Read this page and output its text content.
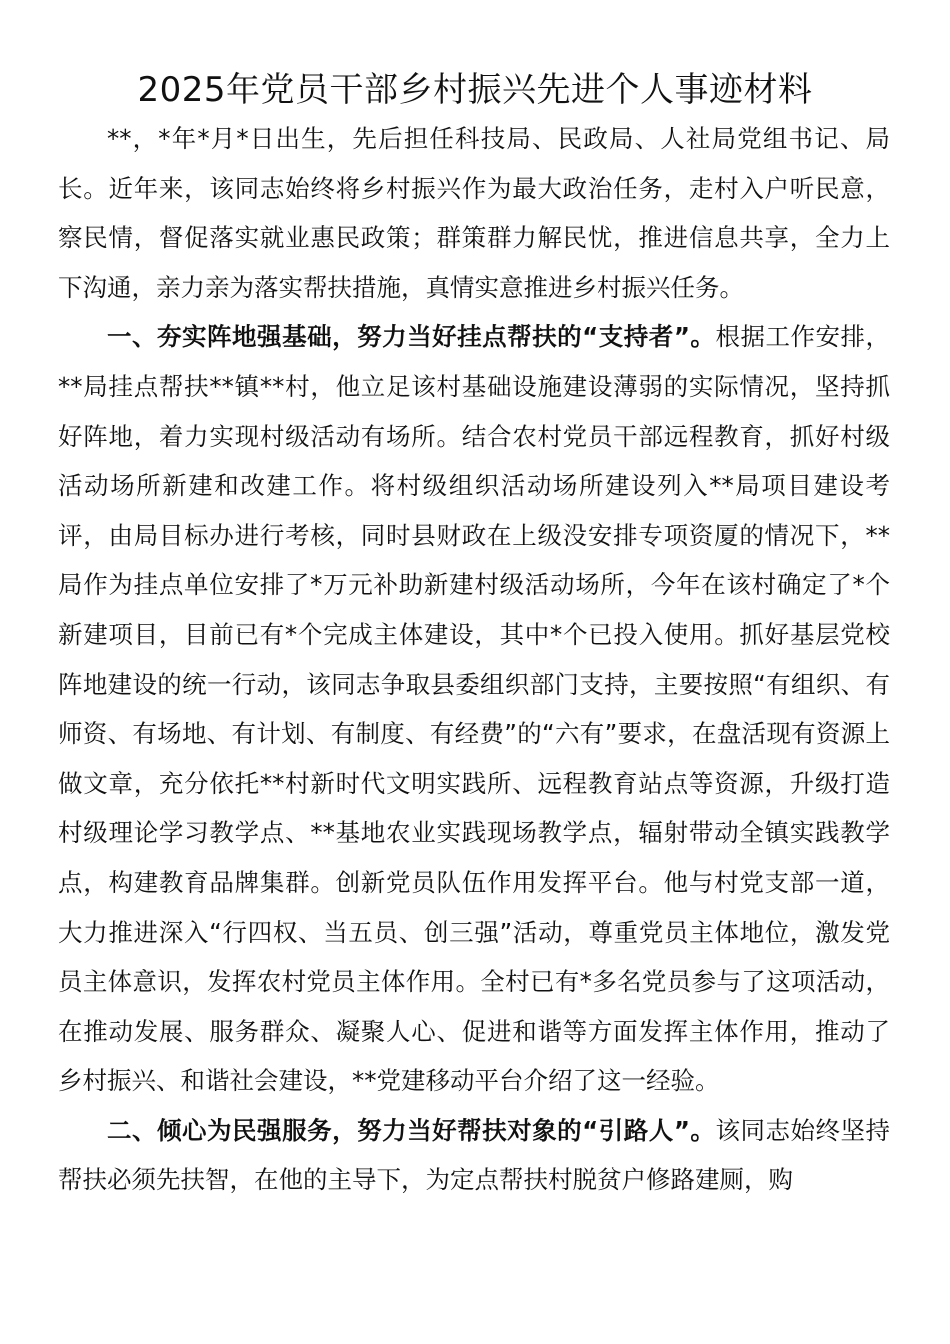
2025年党员干部乡村振兴先进个人事迹材料

**，*年*月*日出生，先后担任科技局、民政局、人社局党组书记、局长。近年来，该同志始终将乡村振兴作为最大政治任务，走村入户听民意，察民情，督促落实就业惠民政策；群策群力解民忧，推进信息共享，全力上下沟通，亲力亲为落实帮扶措施，真情实意推进乡村振兴任务。

一、夯实阵地强基础，努力当好挂点帮扶的“支持者”。根据工作安排，**局挂点帮扶**镇**村，他立足该村基础设施建设薄弱的实际情况，坚持抓好阵地，着力实现村级活动有场所。结合农村党员干部远程教育，抓好村级活动场所新建和改建工作。将村级组织活动场所建设列入**局项目建设考评，由局目标办进行考核，同时县财政在上级没安排专项资厦的情况下，**局作为挂点单位安排了*万元补助新建村级活动场所，今年在该村确定了*个新建项目，目前已有*个完成主体建设，其中*个已投入使用。抓好基层党校阵地建设的统一行动，该同志争取县委组织部门支持，主要按照“有组织、有师资、有场地、有计划、有制度、有经费”的“六有”要求，在盘活现有资源上做文章，充分依托**村新时代文明实践所、远程教育站点等资源，升级打造村级理论学习教学点、**基地农业实践现场教学点，辐射带动全镇实践教学点，构建教育品牌集群。创新党员队伍作用发挥平台。他与村党支部一道，大力推进深入“行四权、当五员、创三强”活动，尊重党员主体地位，激发党员主体意识，发挥农村党员主体作用。全村已有*多名党员参与了这项活动，在推动发展、服务群众、凝聚人心、促进和谐等方面发挥主体作用，推动了乡村振兴、和谐社会建设，**党建移动平台介绍了这一经验。

二、倾心为民强服务，努力当好帮扶对象的“引路人”。该同志始终坚持帮扶必须先扶智，在他的主导下，为定点帮扶村脱贫户修路建厕，购
